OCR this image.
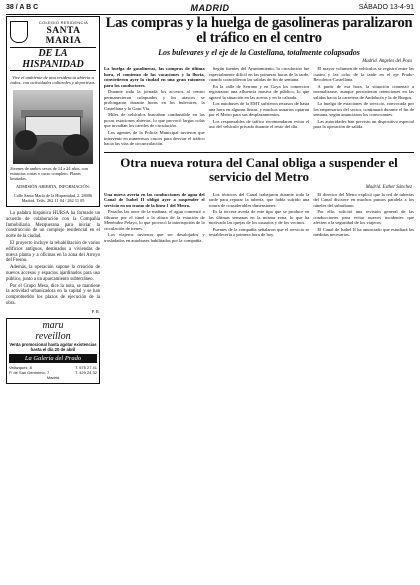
38 / A B C	MADRID	SÁBADO 13-4-91
COLEGIO RESIDENCIA
SANTA MARIA
DE LA HISPANIDAD
Vive el ambiente de una residencia abierta a todos, con actividades culturales y deportivas.
Jóvenes de ambos sexos de 14 a 24 años, con estancias cortas o curso completo. Plazas limitadas.
ADMISIÓN ABIERTA, INFORMACIÓN:
Calle Santa María de la Hispanidad, 2. 28006 Madrid. Telfs. 262 11 04 / 262 11 05

La palabra hispánica HURSA ha formado un acuerdo de colaboración con la Compañía Inmobiliaria Mezquerana para iniciar la construcción de un complejo residencial en el norte de la ciudad.

El proyecto incluye la rehabilitación de varios edificios antiguos, destinados a viviendas de nueva planta y a oficinas en la zona del Arroyo del Fresno.

Además, la operación supone la creación de nuevos accesos y espacios ajardinados para uso público, junto a un aparcamiento subterráneo.

Por el Grupo Mesa, dice la nota, se mantiene la actividad urbanizadora en la capital y se han comprometido los plazos de ejecución de la obra.

P. R.
maru
reveillon
Venta promocional hasta agotar existencias
hasta el día 20 de abril
La Galería del Prado
Velázquez, 8
P. de San Gerónimo, 7
T. 575 27 41
T. 429 24 32
Madrid
Las compras y la huelga de gasolineras paralizaron el tráfico en el centro
Los bulevares y el eje de la Castellana, totalmente colapsados
Madrid. Angeles del Pozo

La huelga de gasolineras, las compras de última hora, el comienzo de las vacaciones y la lluvia, convirtieron ayer la ciudad en una gran ratonera para los conductores.

Durante toda la jornada los accesos al centro permanecieron colapsados y los atascos se prolongaron durante horas en los bulevares, la Castellana y la Gran Vía.

Miles de vehículos buscaban combustible en las pocas estaciones abiertas, lo que provocó largas colas que invadían los carriles de circulación.

Los agentes de la Policía Municipal tuvieron que intervenir en numerosos cruces para desviar el tráfico hacia las vías de circunvalación.

Según fuentes del Ayuntamiento, la circulación fue especialmente difícil en las primeras horas de la tarde, cuando coincidieron las salidas de fin de semana.

En la calle de Serrano y en Goya los comercios registraron una afluencia masiva de público, lo que agravó la situación en las aceras y en la calzada.

Los autobuses de la EMT sufrieron retrasos de hasta una hora en algunas líneas, y muchos usuarios optaron por el Metro para sus desplazamientos.

Los responsables de tráfico recomendaron evitar el uso del vehículo privado durante el resto del día.

El mayor volumen de vehículos se registró entre las cuatro y las ocho de la tarde en el eje Prado-Recoletos-Castellana.

A partir de esa hora, la situación comenzó a normalizarse, aunque persistieron retenciones en las salidas hacia la carretera de Andalucía y la de Burgos.

La huelga de estaciones de servicio, convocada por los empresarios del sector, continuará durante el fin de semana, según anunciaron los convocantes.

Las autoridades han previsto un dispositivo especial para la operación de salida.

Otra nueva rotura del Canal obliga a suspender el servicio del Metro
Madrid. Esther Sánchez

Una nueva avería en las conducciones de agua del Canal de Isabel II obligó ayer a suspender el servicio en un tramo de la línea 1 del Metro.

Pasadas las once de la mañana, el agua comenzó a filtrarse por el túnel a la altura de la estación de Menéndez Pelayo, lo que provocó la interrupción de la circulación de trenes.

Los viajeros tuvieron que ser desalojados y trasladados en autobuses habilitados por la compañía.

Los técnicos del Canal trabajaron durante toda la tarde para reparar la tubería, que había sufrido una rotura de considerables dimensiones.

Es la tercera avería de este tipo que se produce en las últimas semanas en la misma zona, lo que ha motivado las quejas de los usuarios y de los vecinos.

Fuentes de la compañía señalaron que el servicio se restablecería a primera hora de hoy.

El director del Metro explicó que la red de tuberías del Canal discurre en muchos puntos paralela a los túneles del suburbano.

Por ello, solicitó una revisión general de las conducciones para evitar nuevos incidentes que afecten a la seguridad de los viajeros.

El Canal de Isabel II ha anunciado que estudiará las medidas necesarias.
